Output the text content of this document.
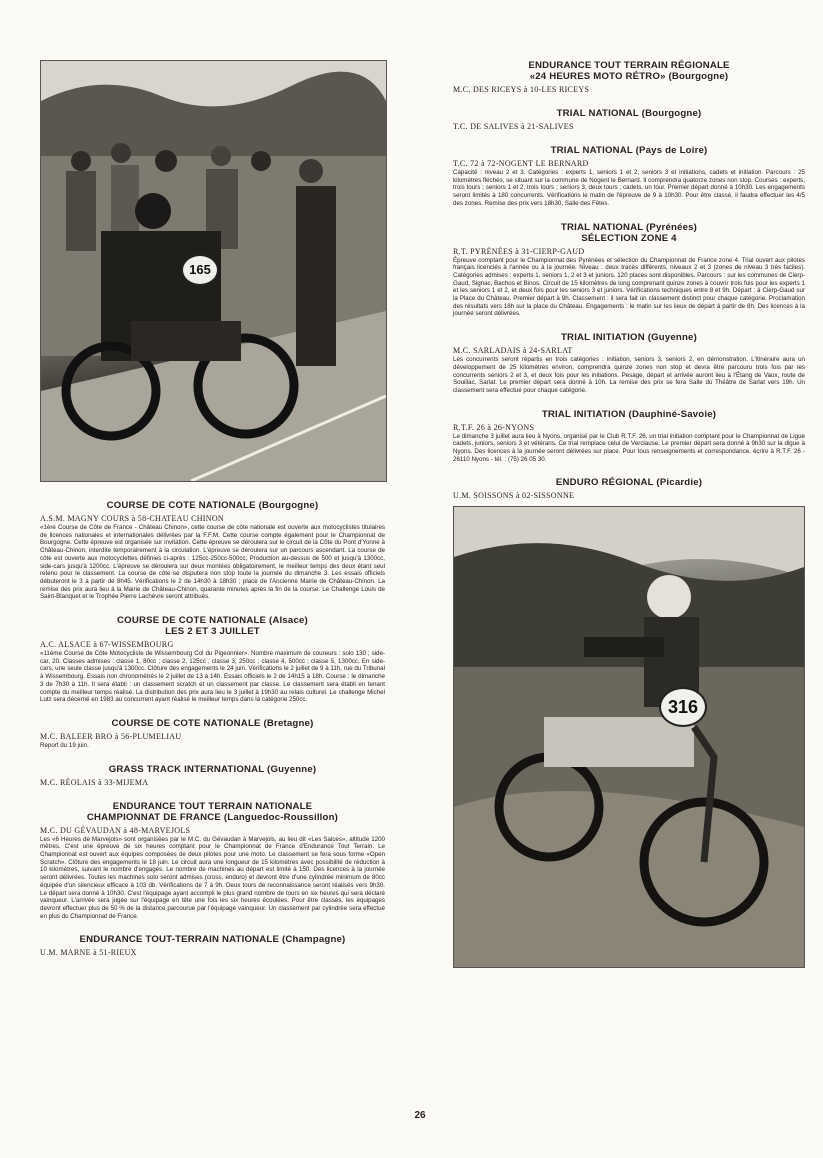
165

COURSE DE COTE NATIONALE (Bourgogne)

A.S.M. MAGNY COURS à 58-CHATEAU CHINON

«1ère Course de Côte de France - Château Chinon», cette course de côte nationale est ouverte aux motocyclistes titulaires de licences nationales et internationales délivrées par la F.F.M. Cette course compte également pour le Championnat de Bourgogne. Cette épreuve est organisée sur invitation. Cette épreuve se déroulera sur le circuit de la Côte du Pont d'Yonne à Château-Chinon, interdite temporairement à la circulation. L'épreuve se déroulera sur un parcours ascendant. La course de côte est ouverte aux motocyclettes définies ci-après : 125cc-250cc-500cc, Production au-dessus de 500 et jusqu'à 1300cc, side-cars jusqu'à 1200cc. L'épreuve se déroulera sur deux montées obligatoirement, le meilleur temps des deux étant seul retenu pour le classement. La course de côte se disputera non stop toute la journée du dimanche 3. Les essais officiels débuteront le 3 à partir de 8h45. Vérifications le 2 de 14h30 à 18h30 ; place de l'Ancienne Mairie de Château-Chinon. La remise des prix aura lieu à la Mairie de Château-Chinon, quarante minutes après la fin de la course. Le Challenge Louis de Saint-Blanquet et le Trophée Pierre Lachèvre seront attribués.

COURSE DE COTE NATIONALE (Alsace)

LES 2 ET 3 JUILLET

A.C. ALSACE à 67-WISSEMBOURG

«11ème Course de Côte Motocycliste de Wissembourg Col du Pigeonnier». Nombre maximum de coureurs : solo 130 ; side-car, 20. Classes admises : classe 1, 80cc ; classe 2, 125cc ; classe 3, 250cc ; classe 4, 500cc ; classe 5, 1300cc. En side-cars, une seule classe jusqu'à 1300cc. Clôture des engagements le 24 juin. Vérifications le 2 juillet de 9 à 11h, rue du Tribunal à Wissembourg. Essais non chronométrés le 2 juillet de 13 à 14h. Essais officiels le 2 de 14h15 à 18h. Course : le dimanche 3 de 7h30 à 11h. Il sera établi : un classement scratch et un classement par classe. Le classement sera établi en tenant compte du meilleur temps réalisé. La distribution des prix aura lieu le 3 juillet à 19h30 au relais culturel. Le challenge Michel Lutz sera décerné en 1983 au concurrent ayant réalisé le meilleur temps dans la catégorie 250cc.

COURSE DE COTE NATIONALE (Bretagne)

M.C. BALEER BRO à 56-PLUMELIAU

Report du 19 juin.

GRASS TRACK INTERNATIONAL (Guyenne)

M.C. RÉOLAIS à 33-MIJEMA

ENDURANCE TOUT TERRAIN NATIONALE

CHAMPIONNAT DE FRANCE (Languedoc-Roussillon)

M.C. DU GÉVAUDAN à 48-MARVEJOLS

Les «6 Heures de Marvejols» sont organisées par le M.C. du Gévaudan à Marvejols, au lieu dit «Les Salces», altitude 1200 mètres. C'est une épreuve de six heures comptant pour le Championnat de France d'Endurance Tout Terrain. Le Championnat est ouvert aux équipes composées de deux pilotes pour une moto. Le classement se fera sous forme «Open Scratch». Clôture des engagements le 18 juin. Le circuit aura une longueur de 15 kilomètres avec possibilité de réduction à 10 kilomètres, suivant le nombre d'engagés. Le nombre de machines au départ est limité à 150. Des licences à la journée seront délivrées. Toutes les machines solo seront admises (cross, enduro) et devront être d'une cylindrée minimum de 80cc équipée d'un silencieux efficace à 103 db. Vérifications de 7 à 9h. Deux tours de reconnaissance seront réalisés vers 9h30. Le départ sera donné à 10h30. C'est l'équipage ayant accompli le plus grand nombre de tours en six heures qui sera déclaré vainqueur. L'arrivée sera jugée sur l'équipage en tête une fois les six heures écoulées. Pour être classés, les équipages devront effectuer plus de 50 % de la distance parcourue par l'équipage vainqueur. Un classement par cylindrée sera effectué en plus du Championnat de France.

ENDURANCE TOUT-TERRAIN NATIONALE (Champagne)

U.M. MARNE à 51-RIEUX

ENDURANCE TOUT TERRAIN RÉGIONALE

«24 HEURES MOTO RÉTRO» (Bourgogne)

M.C. DES RICEYS à 10-LES RICEYS

TRIAL NATIONAL (Bourgogne)

T.C. DE SALIVES à 21-SALIVES

TRIAL NATIONAL (Pays de Loire)

T.C. 72 à 72-NOGENT LE BERNARD

Capacité : niveau 2 et 3. Catégories : experts 1, seniors 1 et 2, seniors 3 et initiations, cadets et initiation. Parcours : 25 kilomètres fléchés, se situant sur la commune de Nogent le Bernard. Il comprendra quatorze zones non stop. Courses : experts, trois tours ; seniors 1 et 2, trois tours ; seniors 3, deux tours ; cadets, un tour. Premier départ donné à 10h30. Les engagements seront limités à 180 concurrents. Vérifications le matin de l'épreuve de 9 à 10h30. Pour être classé, il faudra effectuer les 4/5 des zones. Remise des prix vers 18h30, Salle des Fêtes.

TRIAL NATIONAL (Pyrénées)

SÉLECTION ZONE 4

R.T. PYRÉNÉES à 31-CIERP-GAUD

Épreuve comptant pour le Championnat des Pyrénées et sélection du Championnat de France zone 4. Trial ouvert aux pilotes français licenciés à l'année ou à la journée. Niveau : deux tracés différents, niveaux 2 et 3 (zones de niveau 3 très faciles). Catégories admises : experts 1, seniors 1, 2 et 3 et juniors. 120 places sont disponibles. Parcours : sur les communes de Cierp-Gaud, Signac, Bachos et Binos. Circuit de 15 kilomètres de long comprenant quinze zones à couvrir trois fois pour les experts 1 et les seniors 1 et 2, et deux fois pour les seniors 3 et juniors. Vérifications techniques entre 8 et 9h. Départ : à Cierp-Gaud sur la Place du Château. Premier départ à 9h. Classement : il sera fait un classement distinct pour chaque catégorie. Proclamation des résultats vers 18h sur la place du Château. Engagements : le matin sur les lieux de départ à partir de 8h. Des licences à la journée seront délivrées.

TRIAL INITIATION (Guyenne)

M.C. SARLADAIS à 24-SARLAT

Les concurrents seront répartis en trois catégories : initiation, seniors 3, seniors 2, en démonstration. L'itinéraire aura un développement de 25 kilomètres environ, comprendra quinze zones non stop et devra être parcouru trois fois par les concurrents seniors 2 et 3, et deux fois pour les initiations. Pesage, départ et arrivée auront lieu à l'Étang de Vaux, route de Souillac, Sarlat. Le premier départ sera donné à 10h. La remise des prix se fera Salle du Théâtre de Sarlat vers 19h. Un classement sera effectué pour chaque catégorie.

TRIAL INITIATION (Dauphiné-Savoie)

R.T.F. 26 à 26-NYONS

Le dimanche 3 juillet aura lieu à Nyons, organisé par le Club R.T.F. 26, un trial initiation comptant pour le Championnat de Ligue cadets, juniors, seniors 3 et vétérans. Ce trial remplace celui de Verclause. Le premier départ sera donné à 9h30 sur la digue à Nyons. Des licences à la journée seront délivrées sur place. Pour tous renseignements et correspondance, écrire à R.T.F. 26 - 26110 Nyons - tél. : (75) 26 05 30.

ENDURO RÉGIONAL (Picardie)

U.M. SOISSONS à 02-SISSONNE

316
26
